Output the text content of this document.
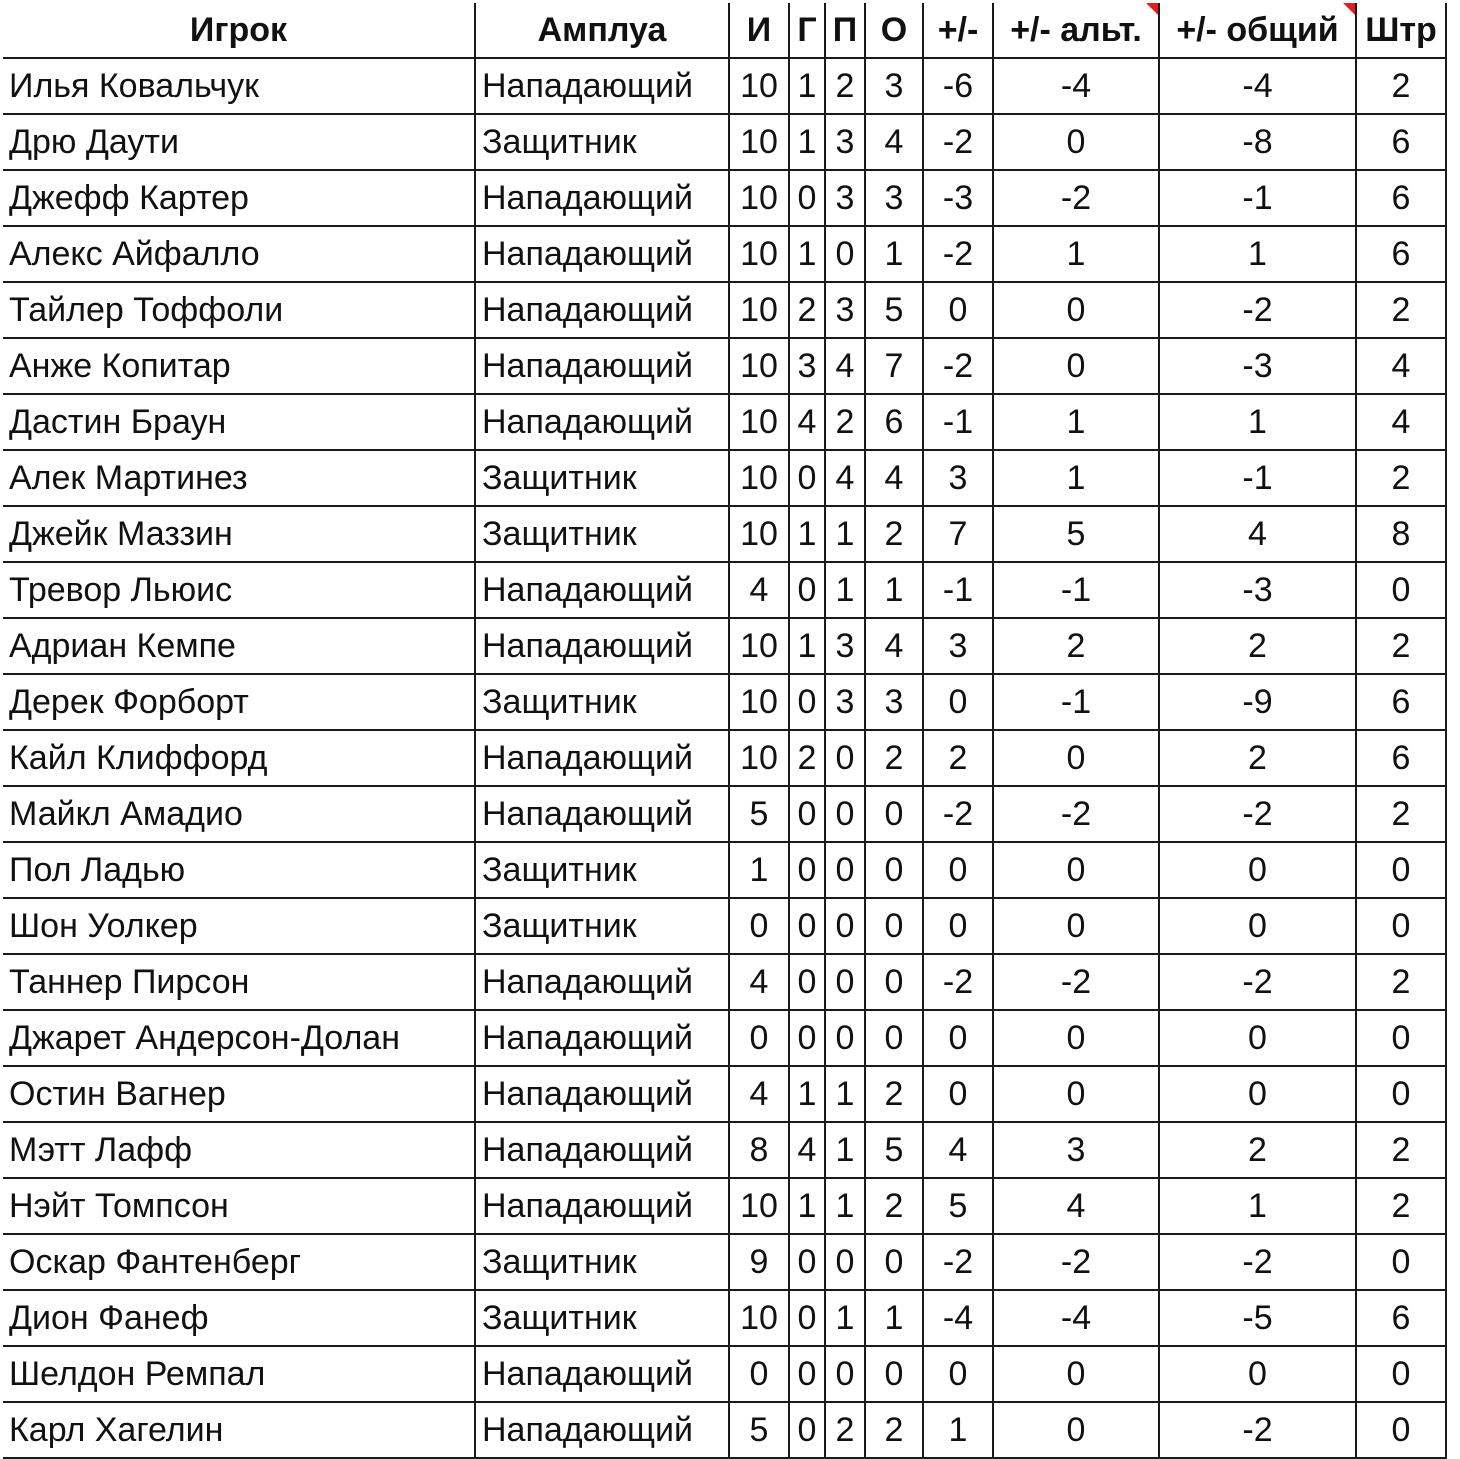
Игрок	Амплуа	И	Г	П	О	+/-	+/- альт.	+/- общий	Штр
Илья Ковальчук	Нападающий	10	1	2	3	-6	-4	-4	2
Дрю Даути	Защитник	10	1	3	4	-2	0	-8	6
Джефф Картер	Нападающий	10	0	3	3	-3	-2	-1	6
Алекс Айфалло	Нападающий	10	1	0	1	-2	1	1	6
Тайлер Тоффоли	Нападающий	10	2	3	5	0	0	-2	2
Анже Копитар	Нападающий	10	3	4	7	-2	0	-3	4
Дастин Браун	Нападающий	10	4	2	6	-1	1	1	4
Алек Мартинез	Защитник	10	0	4	4	3	1	-1	2
Джейк Маззин	Защитник	10	1	1	2	7	5	4	8
Тревор Льюис	Нападающий	4	0	1	1	-1	-1	-3	0
Адриан Кемпе	Нападающий	10	1	3	4	3	2	2	2
Дерек Форборт	Защитник	10	0	3	3	0	-1	-9	6
Кайл Клиффорд	Нападающий	10	2	0	2	2	0	2	6
Майкл Амадио	Нападающий	5	0	0	0	-2	-2	-2	2
Пол Ладью	Защитник	1	0	0	0	0	0	0	0
Шон Уолкер	Защитник	0	0	0	0	0	0	0	0
Таннер Пирсон	Нападающий	4	0	0	0	-2	-2	-2	2
Джарет Андерсон-Долан	Нападающий	0	0	0	0	0	0	0	0
Остин Вагнер	Нападающий	4	1	1	2	0	0	0	0
Мэтт Лафф	Нападающий	8	4	1	5	4	3	2	2
Нэйт Томпсон	Нападающий	10	1	1	2	5	4	1	2
Оскар Фантенберг	Защитник	9	0	0	0	-2	-2	-2	0
Дион Фанеф	Защитник	10	0	1	1	-4	-4	-5	6
Шелдон Ремпал	Нападающий	0	0	0	0	0	0	0	0
Карл Хагелин	Нападающий	5	0	2	2	1	0	-2	0
